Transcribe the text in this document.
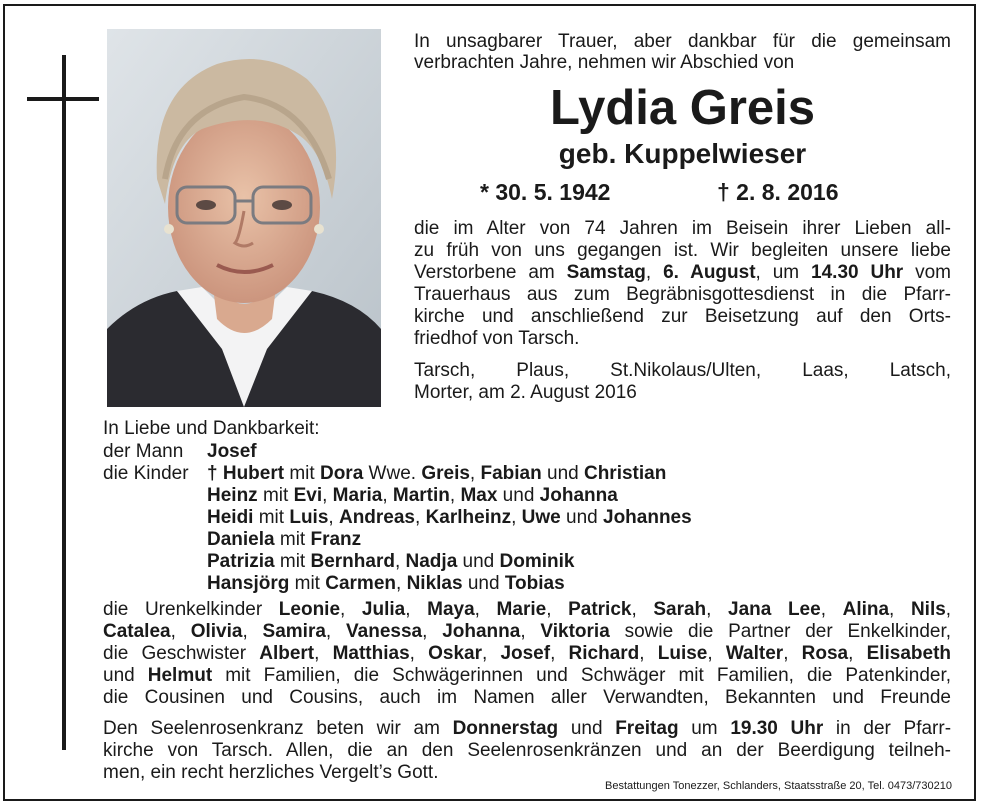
In unsagbarer Trauer, aber dankbar für die gemeinsam

verbrachten Jahre, nehmen wir Abschied von

Lydia Greis

geb. Kuppelwieser

* 30. 5. 1942	† 2. 8. 2016

die im Alter von 74 Jahren im Beisein ihrer Lieben all-

zu früh von uns gegangen ist. Wir begleiten unsere liebe

Verstorbene am Samstag, 6. August, um 14.30 Uhr vom

Trauerhaus aus zum Begräbnisgottesdienst in die Pfarr-

kirche und anschließend zur Beisetzung auf den Orts-

friedhof von Tarsch.

Tarsch, Plaus, St.Nikolaus/Ulten, Laas, Latsch,

Morter, am 2. August 2016

In Liebe und Dankbarkeit:

der Mann Josef

die Kinder † Hubert mit Dora Wwe. Greis, Fabian und Christian

Heinz mit Evi, Maria, Martin, Max und Johanna

Heidi mit Luis, Andreas, Karlheinz, Uwe und Johannes

Daniela mit Franz

Patrizia mit Bernhard, Nadja und Dominik

Hansjörg mit Carmen, Niklas und Tobias

die Urenkelkinder Leonie, Julia, Maya, Marie, Patrick, Sarah, Jana Lee, Alina, Nils,

Catalea, Olivia, Samira, Vanessa, Johanna, Viktoria sowie die Partner der Enkelkinder,

die Geschwister Albert, Matthias, Oskar, Josef, Richard, Luise, Walter, Rosa, Elisabeth

und Helmut mit Familien, die Schwägerinnen und Schwäger mit Familien, die Patenkinder,

die Cousinen und Cousins, auch im Namen aller Verwandten, Bekannten und Freunde

Den Seelenrosenkranz beten wir am Donnerstag und Freitag um 19.30 Uhr in der Pfarr-

kirche von Tarsch. Allen, die an den Seelenrosenkränzen und an der Beerdigung teilneh-

men, ein recht herzliches Vergelt’s Gott.

Bestattungen Tonezzer, Schlanders, Staatsstraße 20, Tel. 0473/730210
